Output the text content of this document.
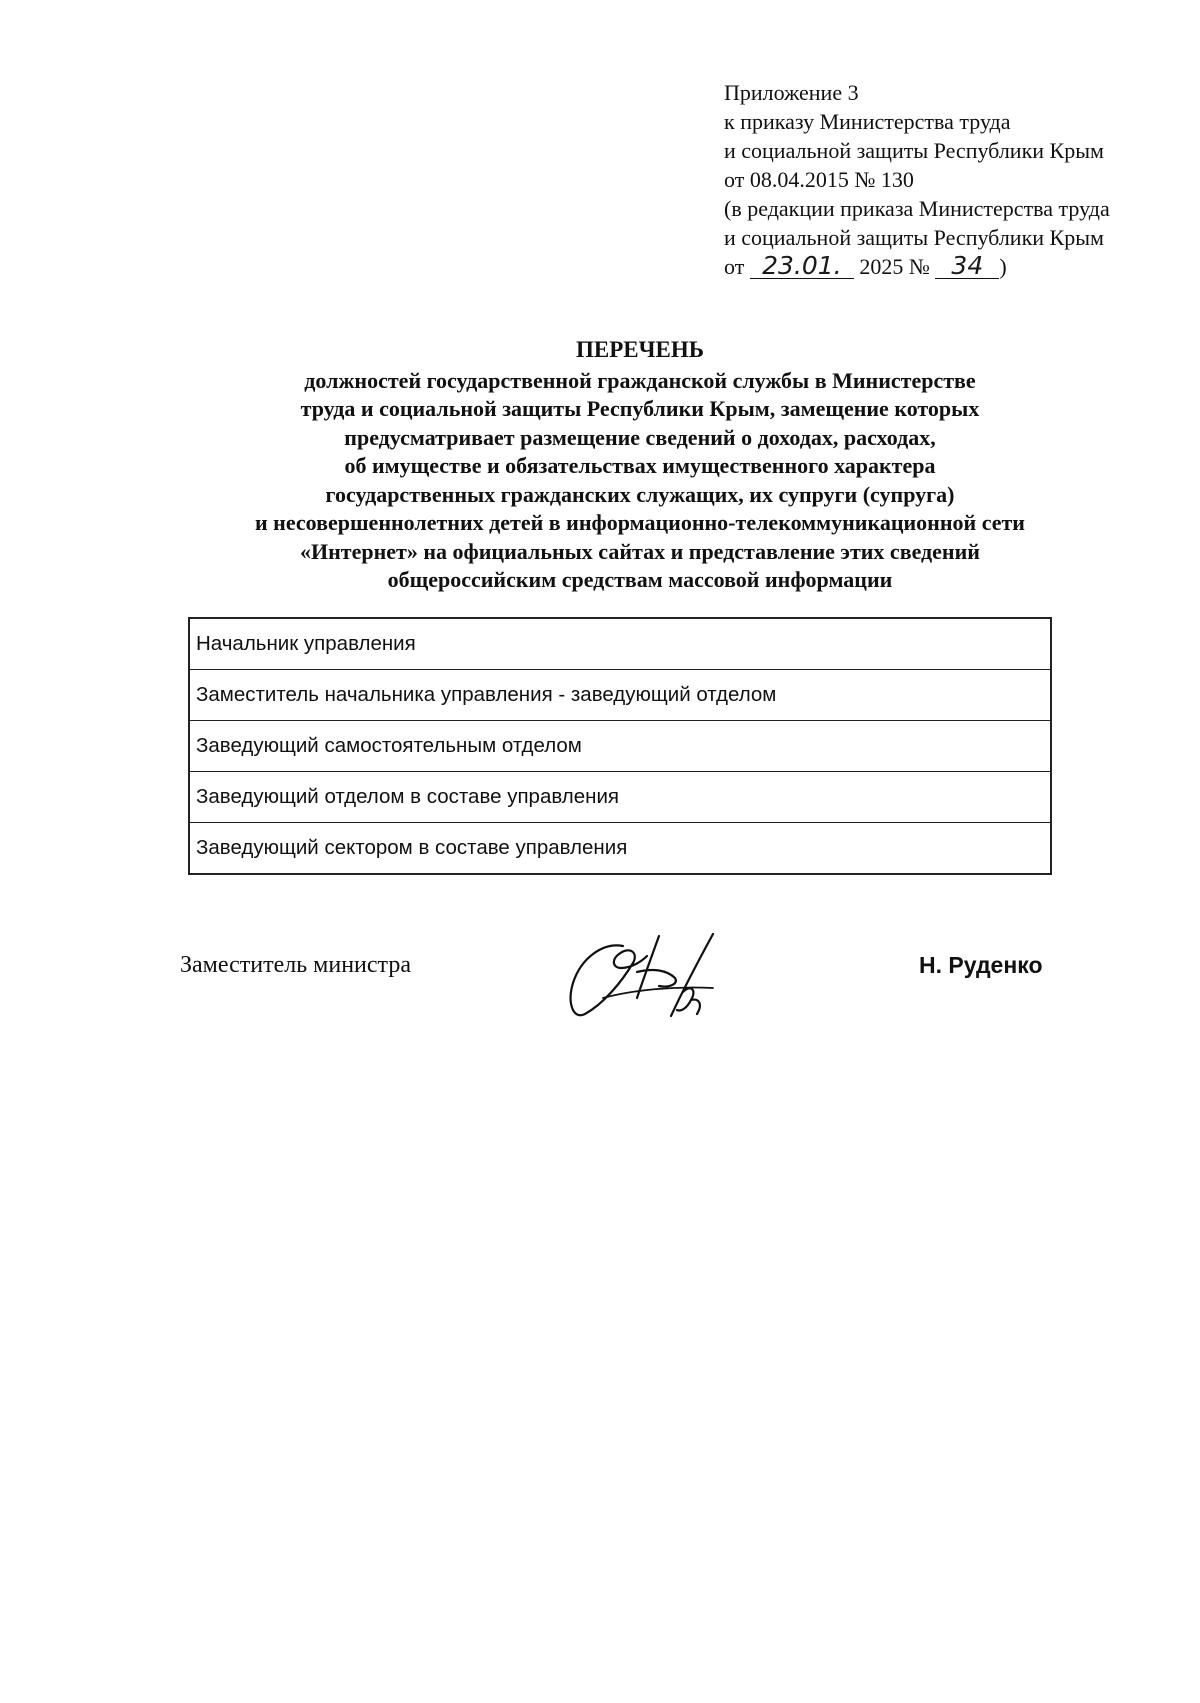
Приложение 3
к приказу Министерства труда
и социальной защиты Республики Крым
от 08.04.2015 № 130
(в редакции приказа Министерства труда
и социальной защиты Республики Крым
от 23.01. 2025 № 34 )
ПЕРЕЧЕНЬ
должностей государственной гражданской службы в Министерстве
труда и социальной защиты Республики Крым, замещение которых
предусматривает размещение сведений о доходах, расходах,
об имуществе и обязательствах имущественного характера
государственных гражданских служащих, их супруги (супруга)
и несовершеннолетних детей в информационно-телекоммуникационной сети
«Интернет» на официальных сайтах и представление этих сведений
общероссийским средствам массовой информации
Начальник управления
Заместитель начальника управления - заведующий отделом
Заведующий самостоятельным отделом
Заведующий отделом в составе управления
Заведующий сектором в составе управления
Заместитель министра	Н. Руденко
